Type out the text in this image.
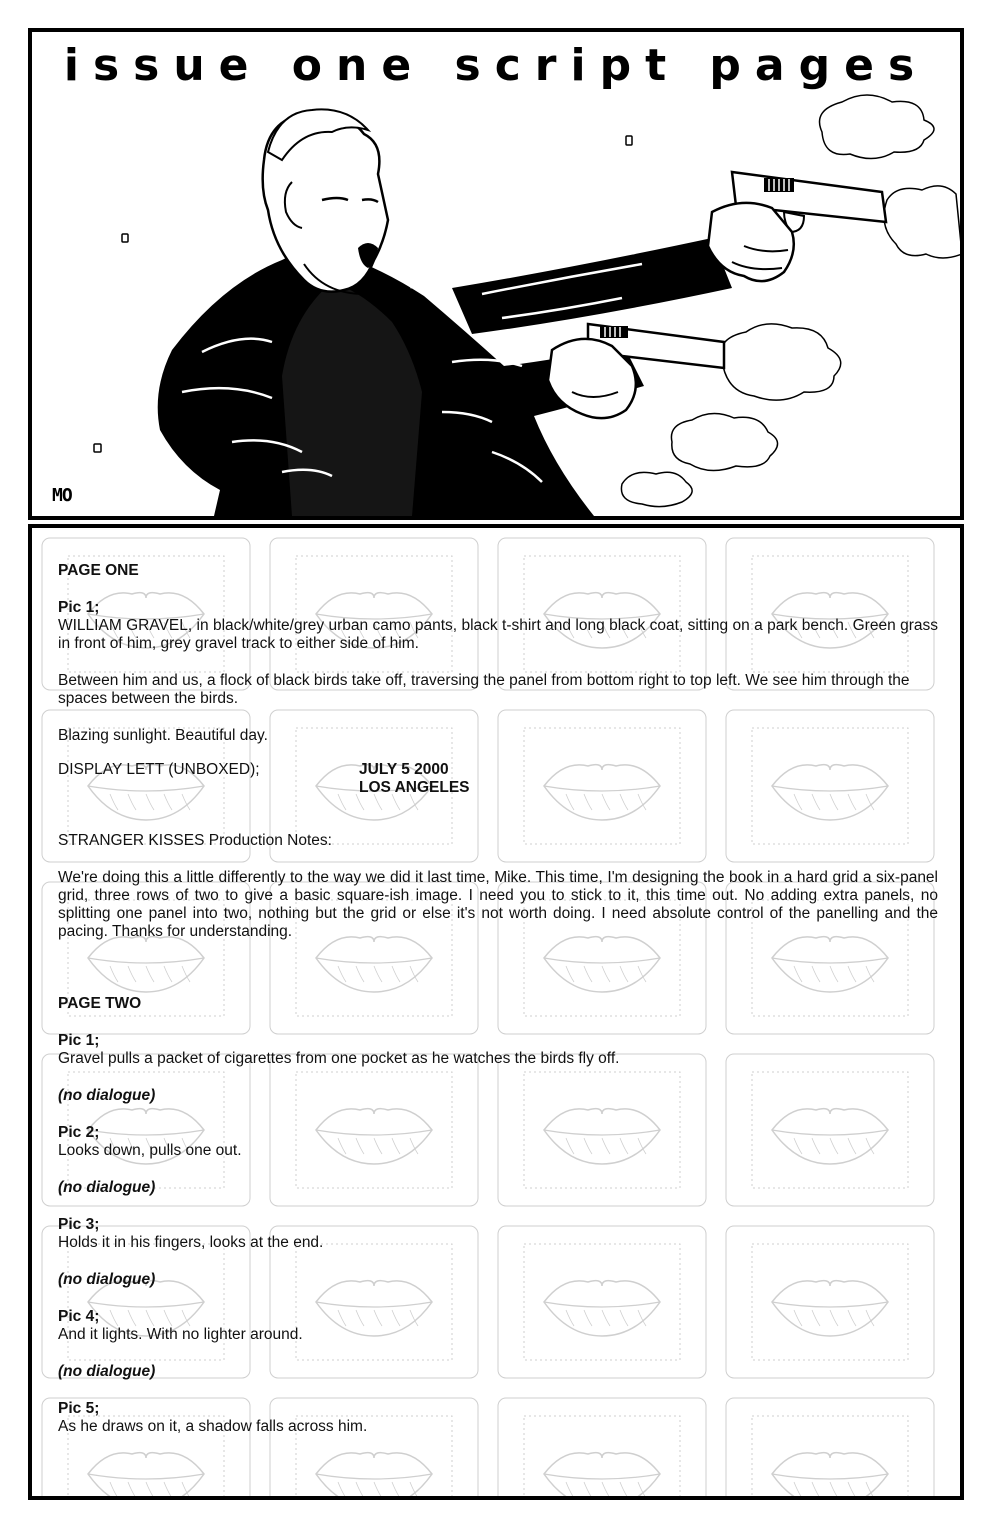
issue one script pages
MO

PAGE ONE

Pic 1;

WILLIAM GRAVEL, in black/white/grey urban camo pants, black t-shirt and long black coat, sitting on a park bench. Green grass in front of him, grey gravel track to either side of him.

Between him and us, a flock of black birds take off, traversing the panel from bottom right to top left. We see him through the spaces between the birds.

Blazing sunlight. Beautiful day.

DISPLAY LETT (UNBOXED);	JULY 5 2000
LOS ANGELES

STRANGER KISSES Production Notes:

We're doing this a little differently to the way we did it last time, Mike. This time, I'm designing the book in a hard grid a six-panel grid, three rows of two to give a basic square-ish image. I need you to stick to it, this time out. No adding extra panels, no splitting one panel into two, nothing but the grid or else it's not worth doing. I need absolute control of the panelling and the pacing. Thanks for understanding.

PAGE TWO

Pic 1;

Gravel pulls a packet of cigarettes from one pocket as he watches the birds fly off.

(no dialogue)

Pic 2;

Looks down, pulls one out.

(no dialogue)

Pic 3;

Holds it in his fingers, looks at the end.

(no dialogue)

Pic 4;

And it lights. With no lighter around.

(no dialogue)

Pic 5;

As he draws on it, a shadow falls across him.
